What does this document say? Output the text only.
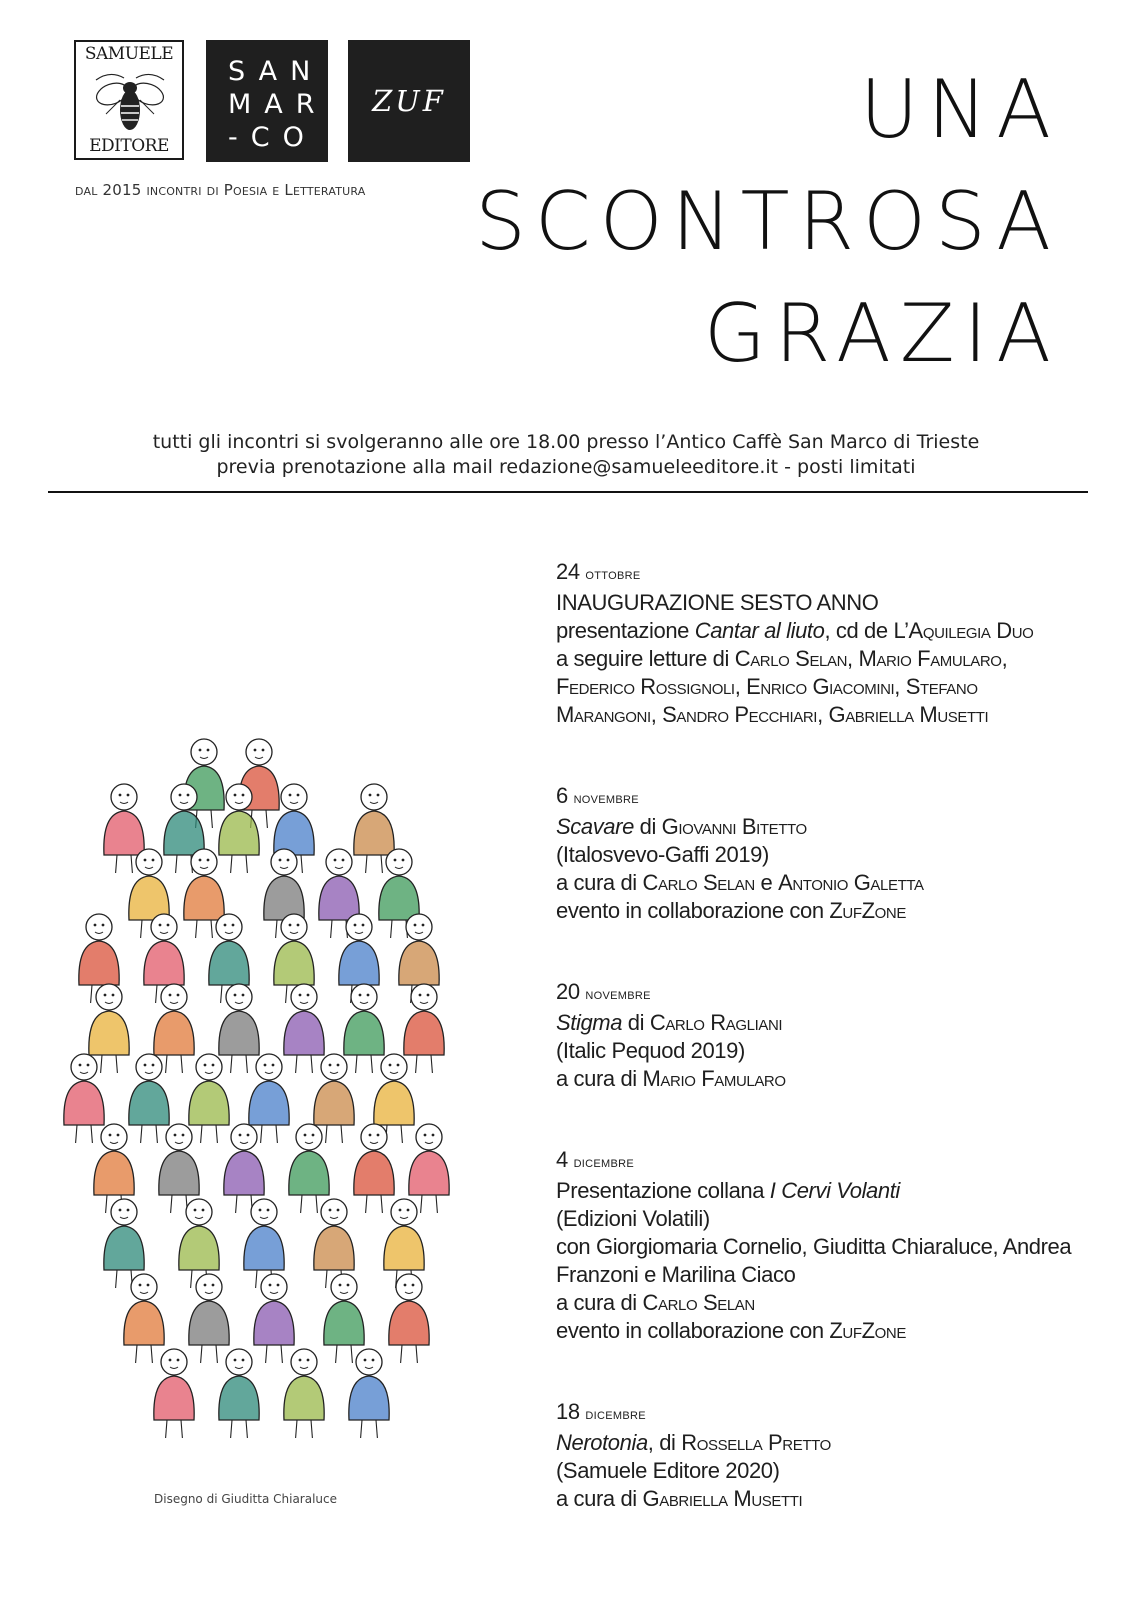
SAMUELE
EDITORE
SAN
MAR
-CO
ZUF
dal 2015 incontri di Poesia e Letteratura
UNA
SCONTROSA
GRAZIA
tutti gli incontri si svolgeranno alle ore 18.00 presso l’Antico Caffè San Marco di Trieste
previa prenotazione alla mail redazione@samueleeditore.it - posti limitati
24 ottobre
INAUGURAZIONE SESTO ANNO
presentazione Cantar al liuto, cd de L’Aquilegia Duo
a seguire letture di Carlo Selan, Mario Famularo,
Federico Rossignoli, Enrico Giacomini, Stefano
Marangoni, Sandro Pecchiari, Gabriella Musetti
6 novembre
Scavare di Giovanni Bitetto
(Italosvevo-Gaffi 2019)
a cura di Carlo Selan e Antonio Galetta
evento in collaborazione con ZufZone
20 novembre
Stigma di Carlo Ragliani
(Italic Pequod 2019)
a cura di Mario Famularo
4 dicembre
Presentazione collana I Cervi Volanti
(Edizioni Volatili)
con Giorgiomaria Cornelio, Giuditta Chiaraluce, Andrea
Franzoni e Marilina Ciaco
a cura di Carlo Selan
evento in collaborazione con ZufZone
18 dicembre
Nerotonia, di Rossella Pretto
(Samuele Editore 2020)
a cura di Gabriella Musetti
Disegno di Giuditta Chiaraluce
